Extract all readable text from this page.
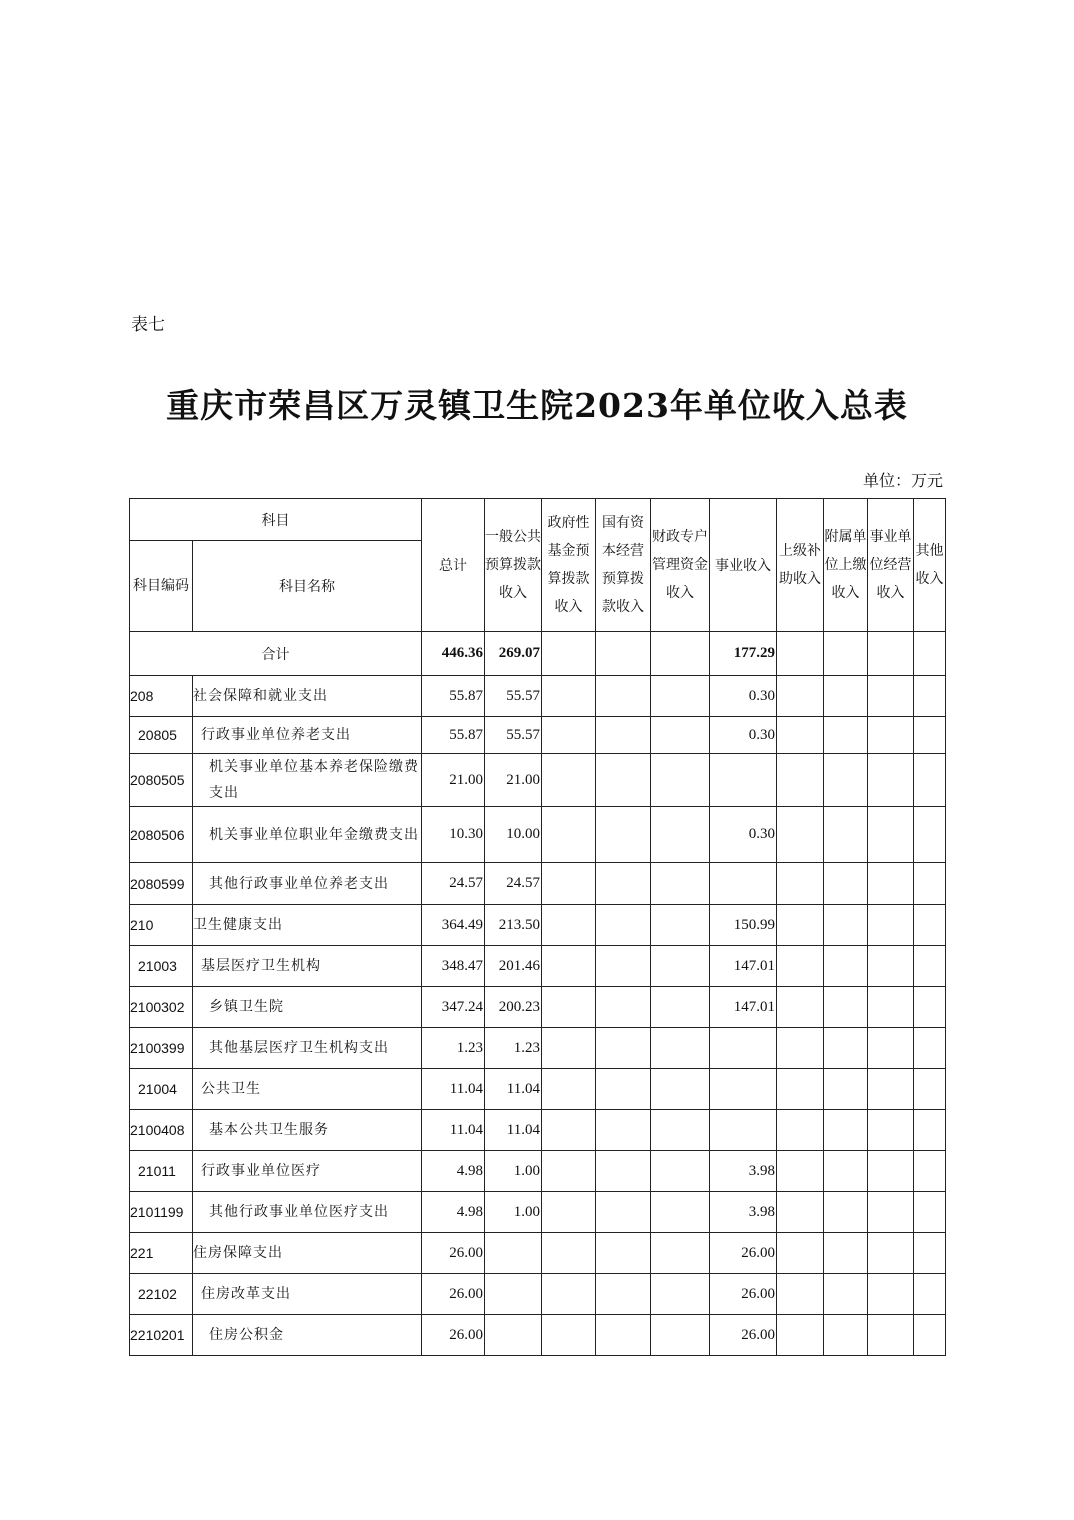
表七
重庆市荣昌区万灵镇卫生院2023年单位收入总表
单位：万元
科目		总计	一般公共预算拨款收入	政府性基金预算拨款收入	国有资本经营预算拨款收入	财政专户管理资金收入	事业收入	上级补助收入	附属单位上缴收入	事业单位经营收入	其他收入
科目编码	科目名称										
合计		446.36	269.07				177.29				
208	社会保障和就业支出	55.87	55.57				0.30				
20805	行政事业单位养老支出	55.87	55.57				0.30				
2080505	机关事业单位基本养老保险缴费支出	21.00	21.00								
2080506	机关事业单位职业年金缴费支出	10.30	10.00				0.30				
2080599	其他行政事业单位养老支出	24.57	24.57								
210	卫生健康支出	364.49	213.50				150.99				
21003	基层医疗卫生机构	348.47	201.46				147.01				
2100302	乡镇卫生院	347.24	200.23				147.01				
2100399	其他基层医疗卫生机构支出	1.23	1.23								
21004	公共卫生	11.04	11.04								
2100408	基本公共卫生服务	11.04	11.04								
21011	行政事业单位医疗	4.98	1.00				3.98				
2101199	其他行政事业单位医疗支出	4.98	1.00				3.98				
221	住房保障支出	26.00					26.00				
22102	住房改革支出	26.00					26.00				
2210201	住房公积金	26.00					26.00				
